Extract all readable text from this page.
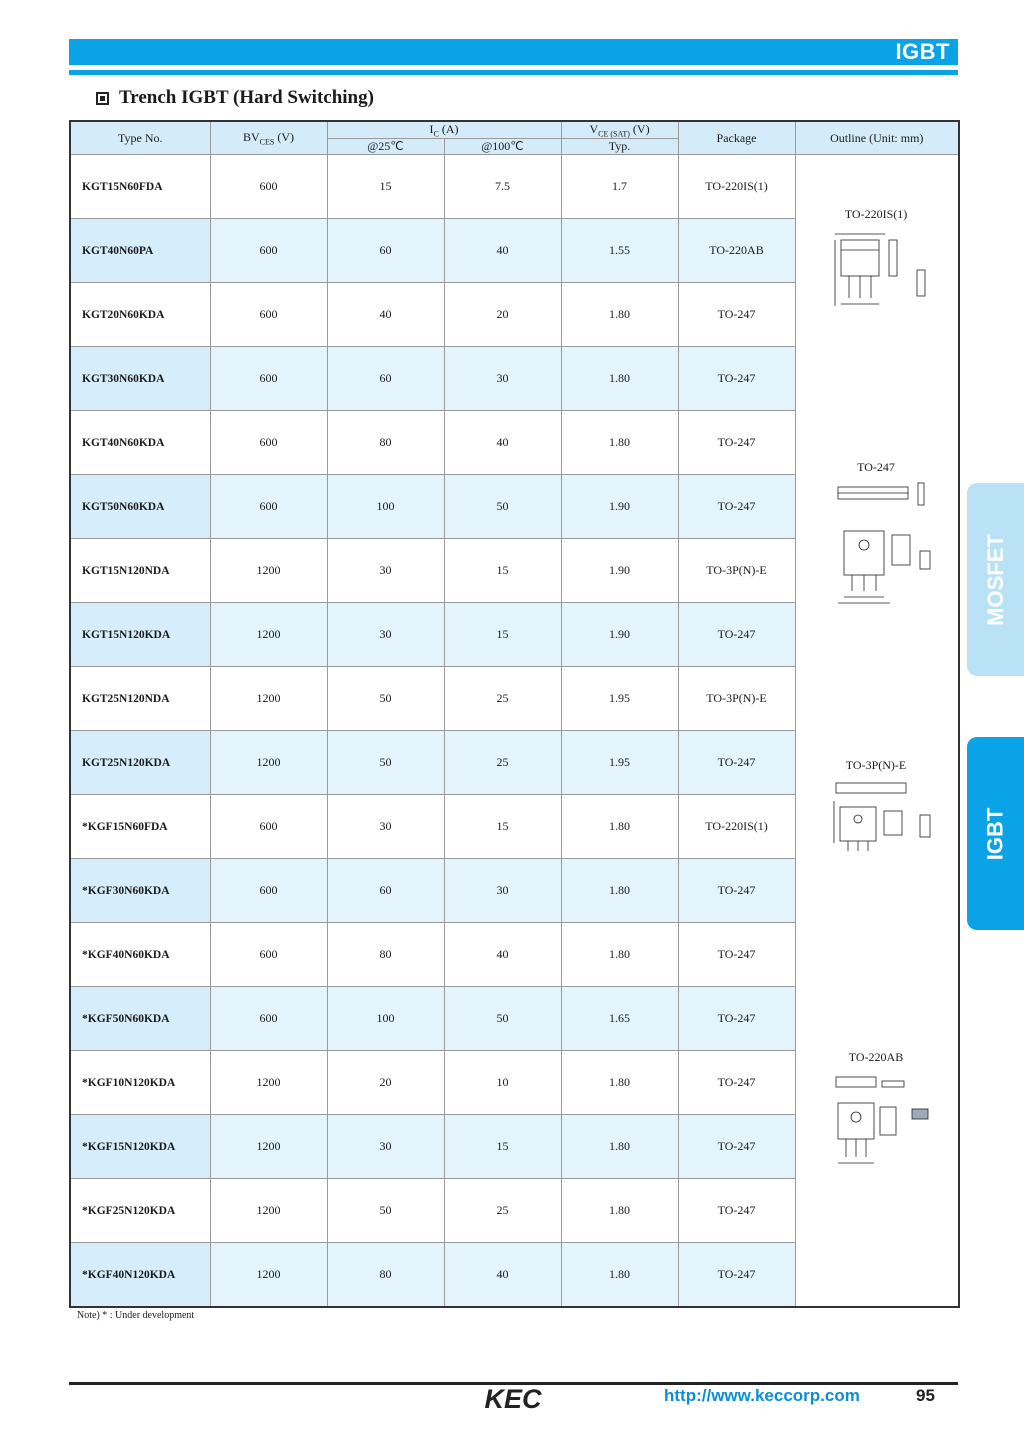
IGBT
Trench IGBT (Hard Switching)
Type No.	$BV_{CES}$ (V)	$I_C$ (A)		$V_{CE (SAT)}$ (V)	Package	Outline (Unit: mm)
		@25℃	@100℃	Typ.		
KGT15N60FDA	600	15	7.5	1.7	TO-220IS(1)	TO-220IS(1)
TO-247
TO-3P(N)-E
TO-220AB

KGT40N60PA	600	60	40	1.55	TO-220AB	
KGT20N60KDA	600	40	20	1.80	TO-247	
KGT30N60KDA	600	60	30	1.80	TO-247	
KGT40N60KDA	600	80	40	1.80	TO-247	
KGT50N60KDA	600	100	50	1.90	TO-247	
KGT15N120NDA	1200	30	15	1.90	TO-3P(N)-E	
KGT15N120KDA	1200	30	15	1.90	TO-247	
KGT25N120NDA	1200	50	25	1.95	TO-3P(N)-E	
KGT25N120KDA	1200	50	25	1.95	TO-247	
*KGF15N60FDA	600	30	15	1.80	TO-220IS(1)	
*KGF30N60KDA	600	60	30	1.80	TO-247	
*KGF40N60KDA	600	80	40	1.80	TO-247	
*KGF50N60KDA	600	100	50	1.65	TO-247	
*KGF10N120KDA	1200	20	10	1.80	TO-247	
*KGF15N120KDA	1200	30	15	1.80	TO-247	
*KGF25N120KDA	1200	50	25	1.80	TO-247	
*KGF40N120KDA	1200	80	40	1.80	TO-247	
MOSFET
IGBT
Note) * : Under development
KEC	http://www.keccorp.com	95
